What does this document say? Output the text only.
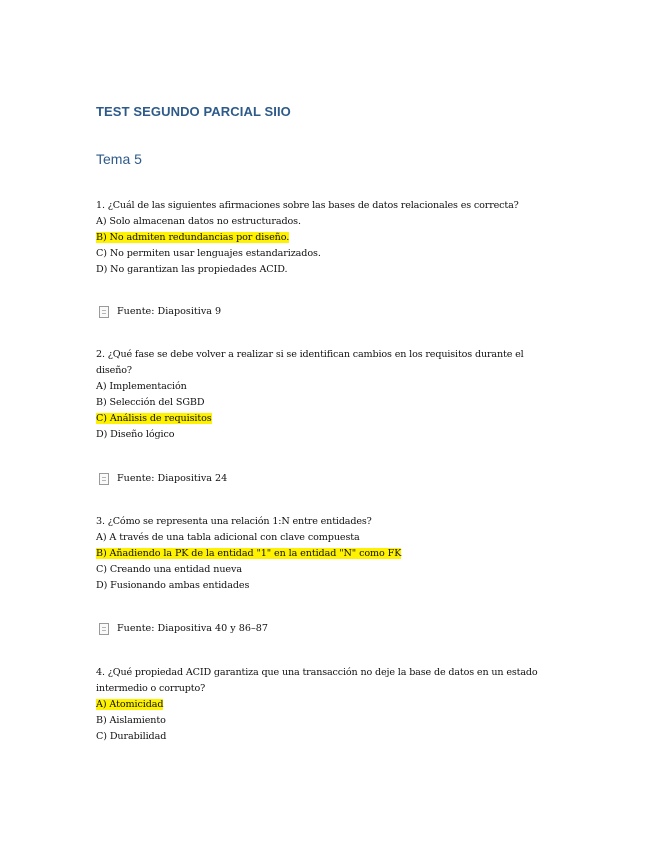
TEST SEGUNDO PARCIAL SIIO
Tema 5
1. ¿Cuál de las siguientes afirmaciones sobre las bases de datos relacionales es correcta?
A) Solo almacenan datos no estructurados.
B) No admiten redundancias por diseño.
C) No permiten usar lenguajes estandarizados.
D) No garantizan las propiedades ACID.
Fuente: Diapositiva 9
2. ¿Qué fase se debe volver a realizar si se identifican cambios en los requisitos durante el diseño?
A) Implementación
B) Selección del SGBD
C) Análisis de requisitos
D) Diseño lógico
Fuente: Diapositiva 24
3. ¿Cómo se representa una relación 1:N entre entidades?
A) A través de una tabla adicional con clave compuesta
B) Añadiendo la PK de la entidad "1" en la entidad "N" como FK
C) Creando una entidad nueva
D) Fusionando ambas entidades
Fuente: Diapositiva 40 y 86–87
4. ¿Qué propiedad ACID garantiza que una transacción no deje la base de datos en un estado intermedio o corrupto?
A) Atomicidad
B) Aislamiento
C) Durabilidad
